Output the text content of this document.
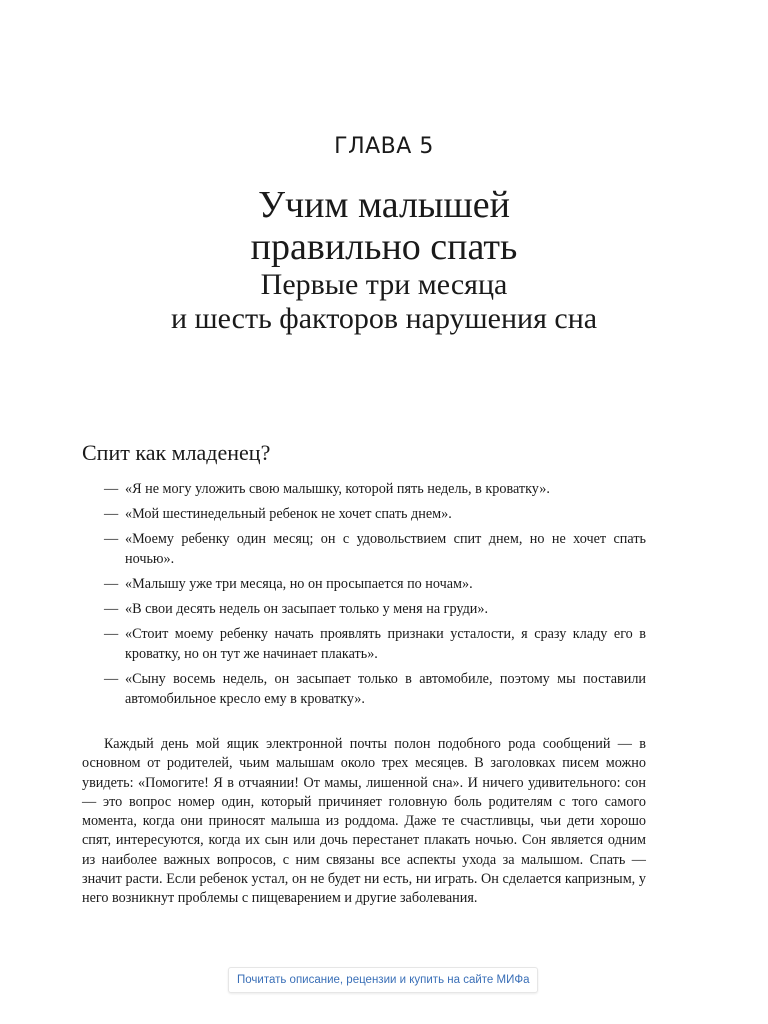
ГЛАВА 5
Учим малышей
правильно спать
Первые три месяца
и шесть факторов нарушения сна
Спит как младенец?
— «Я не могу уложить свою малышку, которой пять недель, в кроватку».
— «Мой шестинедельный ребенок не хочет спать днем».
— «Моему ребенку один месяц; он с удовольствием спит днем, но не хочет спать ночью».
— «Малышу уже три месяца, но он просыпается по ночам».
— «В свои десять недель он засыпает только у меня на груди».
— «Стоит моему ребенку начать проявлять признаки усталости, я сразу кладу его в кроватку, но он тут же начинает плакать».
— «Сыну восемь недель, он засыпает только в автомобиле, поэтому мы поставили автомобильное кресло ему в кроватку».

Каждый день мой ящик электронной почты полон подобного рода сообщений — в основном от родителей, чьим малышам около трех месяцев. В заголовках писем можно увидеть: «Помогите! Я в отчаянии! От мамы, лишенной сна». И ничего удивительного: сон — это вопрос номер один, который причиняет головную боль родителям с того самого момента, когда они приносят малыша из роддома. Даже те счастливцы, чьи дети хорошо спят, интересуются, когда их сын или дочь перестанет плакать ночью. Сон является одним из наиболее важных вопросов, с ним связаны все аспекты ухода за малышом. Спать — значит расти. Если ребенок устал, он не будет ни есть, ни играть. Он сделается капризным, у него возникнут проблемы с пищеварением и другие заболевания.

Почитать описание, рецензии и купить на сайте МИФа
